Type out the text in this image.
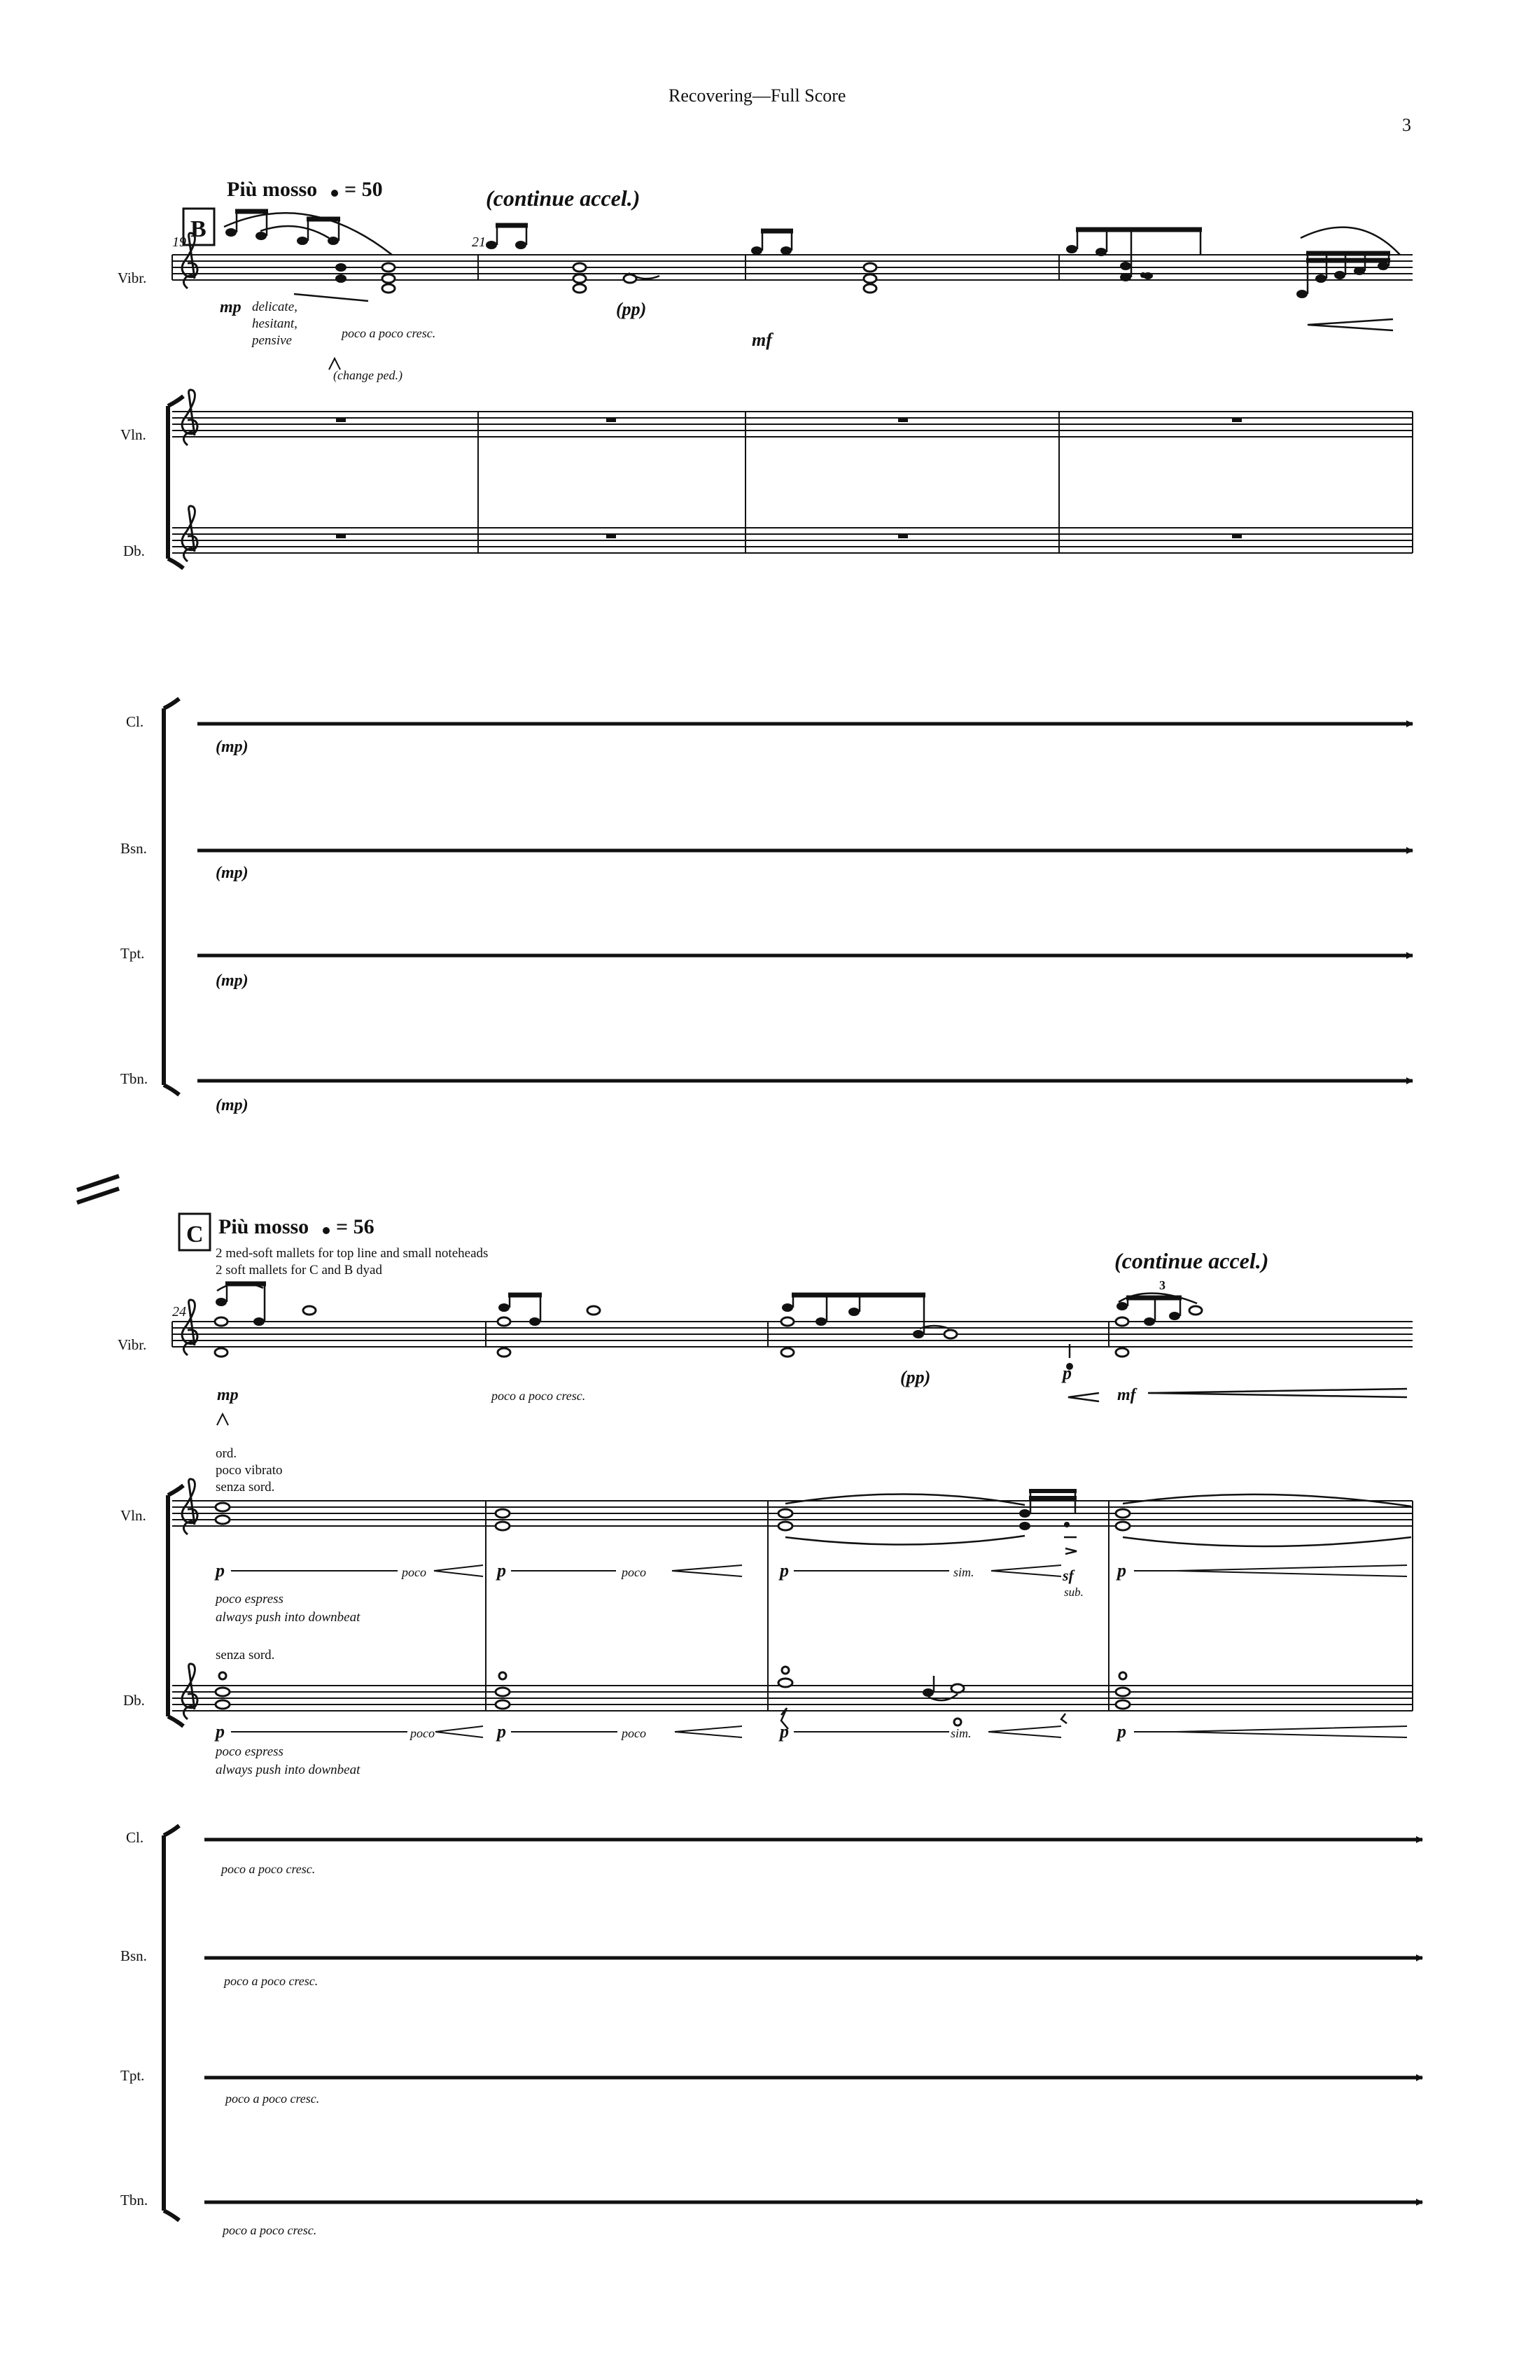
Recovering—Full Score
3
B
Più mosso = 50	(continue accel.)
19	21
Vibr.
Vln.
Db.
Cl.
Bsn.
Tpt.
Tbn.
mp delicate,
hesitant,
pensive	poco a poco cresc.
(change ped.)
(pp)
mf
(mp)
(mp)
(mp)
(mp)
C Più mosso = 56
2 med-soft mallets for top line and small noteheads
2 soft mallets for C and B dyad	(continue accel.)
24
3
Vibr.
Vln.
Db.
Cl.
Bsn.
Tpt.
Tbn.
mp	poco a poco cresc.
(pp)	p
mf
ord.
poco vibrato
senza sord.
p	poco	p	poco	p	sim.	sf
sub.
p
poco espress
always push into downbeat
senza sord.
p	poco	p	poco	p	sim.	p
poco espress
always push into downbeat
poco a poco cresc.
poco a poco cresc.
poco a poco cresc.
poco a poco cresc.
